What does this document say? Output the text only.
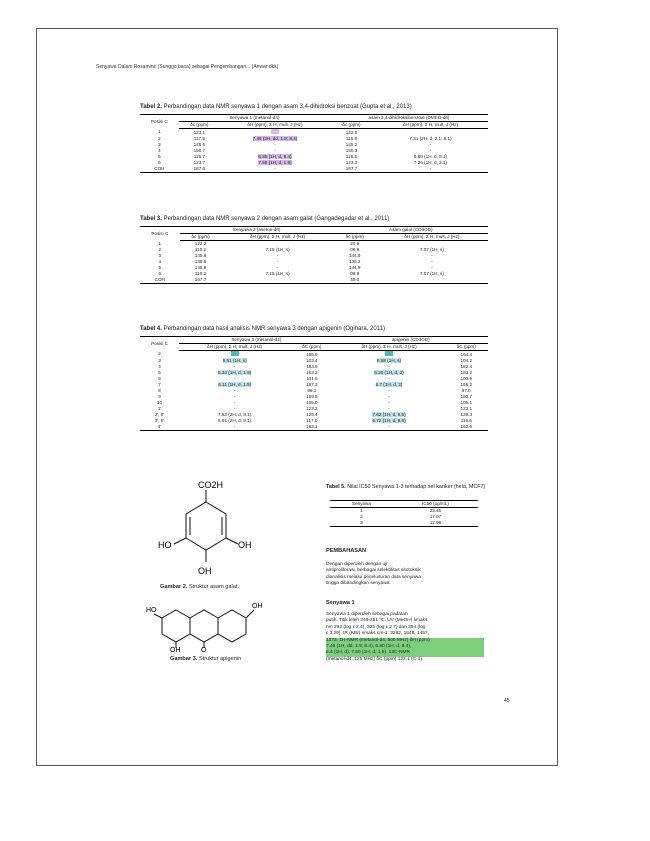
Senyawa Dalam Rosamine (Sunggo baca) sebagai Pengembangan... (Anwar dkk)
Tabel 2. Perbandingan data NMR senyawa 1 dengan asam 3,4-dihidroksi benzoat (Gupta et al., 2013)
Posisi C	Senyawa 1 (metanol-d4)		asam 3,4-dihidroksibenzoat (DMSO-d6)	
	δc (ppm)	δH (ppm), Σ H, mult, J (Hz)	δc (ppm)	δH (ppm), Σ H, mult, J (Hz)
1	123.1		122.0	
2	117.5	7.46 (2H, dd, 1.9; 8.4)	115.9	7.31 (2H, d, 2.1; 8.1)
3	145.6	-	145.2	-
4	150.7	-	150.3	-
5	115.7	6.80 (1H, d, 8.4)	115.5	6.80 (1H, d, 8.1)
6	123.7	7.50 (1H, d, 1.9)	123.3	7.26 (1H, d, 2.1)
COH	167.6	-	167.7	-
Tabel 3. Perbandingan data NMR senyawa 2 dengan asam galat (Gangadegadar et al., 2011)
Posisi C	Senyawa 2 (aseton-d6)		Asam galat (CD3OD)	
	δc (ppm)	δH (ppm), Σ H, mult, J (Hz)	δc (ppm)	δH (ppm), Σ H, mult, J (Hz)
1	122.2		20.6	
2	110.2	7.15 (1H, s)	08.9	7.07 (1H, s)
3	145.9	-	144.9	-
4	138.6	-	138.2	-
5	145.9	-	144.9	-
6	110.2	7.15 (1H, s)	08.9	7.07 (1H, s)
COH	167.7		49.0	
Tabel 4. Perbandingan data hasil analisis NMR senyawa 3 dengan apigenin (Ogihara, 2011)
Posisi C	Senyawa 3 (metanol-d4)		apigenin (CD3OD)	
	δH (ppm), Σ H, mult, J (Hz)	δC (ppm)	δH (ppm), Σ H, mult, J (Hz)	δC (ppm)
2		165.9		164.4
3	6.51 (1H, s)	103.4	6.58 (1H, s)	104.2
4	-	183.5	-	182.4
5	6.34 (1H, d, 1.9)	163.2	6.30 (1H, d, 2)	163.2
6	-	101.5	-	100.9
7	6.11 (1H, d, 1.9)	167.3	6.7 (1H, d, 2)	165.2
8	-	96.1	-	97.0
9	-	159.8	-	160.7
10	-	105.0	-	105.1
1'	-	123.2	-	123.1
2', 6'	7.83 (2H, d, 9.1)	129.4	7.62 (1H, d, 8.5)	129.3
3', 5'	6.91 (2H, d, 9.1)	117.0	6.72 (1H, d, 8.6)	116.6
4'	-	163.1	-	162.6
CO2H
HO	OH
OH
Gambar 2. Struktur asam galat.
HO
OH	O
OH
Gambar 3. Struktur apigenin
Tabel 5. Nilai IC50 Senyawa 1-3 terhadap sel kanker (hela, MCF7)
Senyawa	IC50 (μg/mL)
1	23.45
2	17.97
3	12.96
PEMBAHASAN
Dengan diperoleh dengan uji
antiproliferasi, berbagai selektifitas sitotoksik
dianalisis melalui penelusuran data senyawa
tingga dibandingkan senyawa.
Senyawa 1
Senyawa 1 diperoleh sebagai padatan
putih. Titik leleh 249-251 ºC. UV (MeOH) λmaks
nm 292 (log ε 2.4), 325 (log ε 2.7) dan 354 (log
ε 3.29). IR (KBr) νmaks cm-1: 3292, 1648, 1457,
1373. 1H-NMR (metanol-d4, 500 MHz) δH (ppm)
7.46 (1H, dd, 1.9; 8.4), 6.80 (1H, d, 8.4),
6.4 (1H, d), 7.50 (1H, d, 1.9). 13C-NMR
(metanol-d4, 125 MHz) δC (ppm) 123.1 (C-1).
45
